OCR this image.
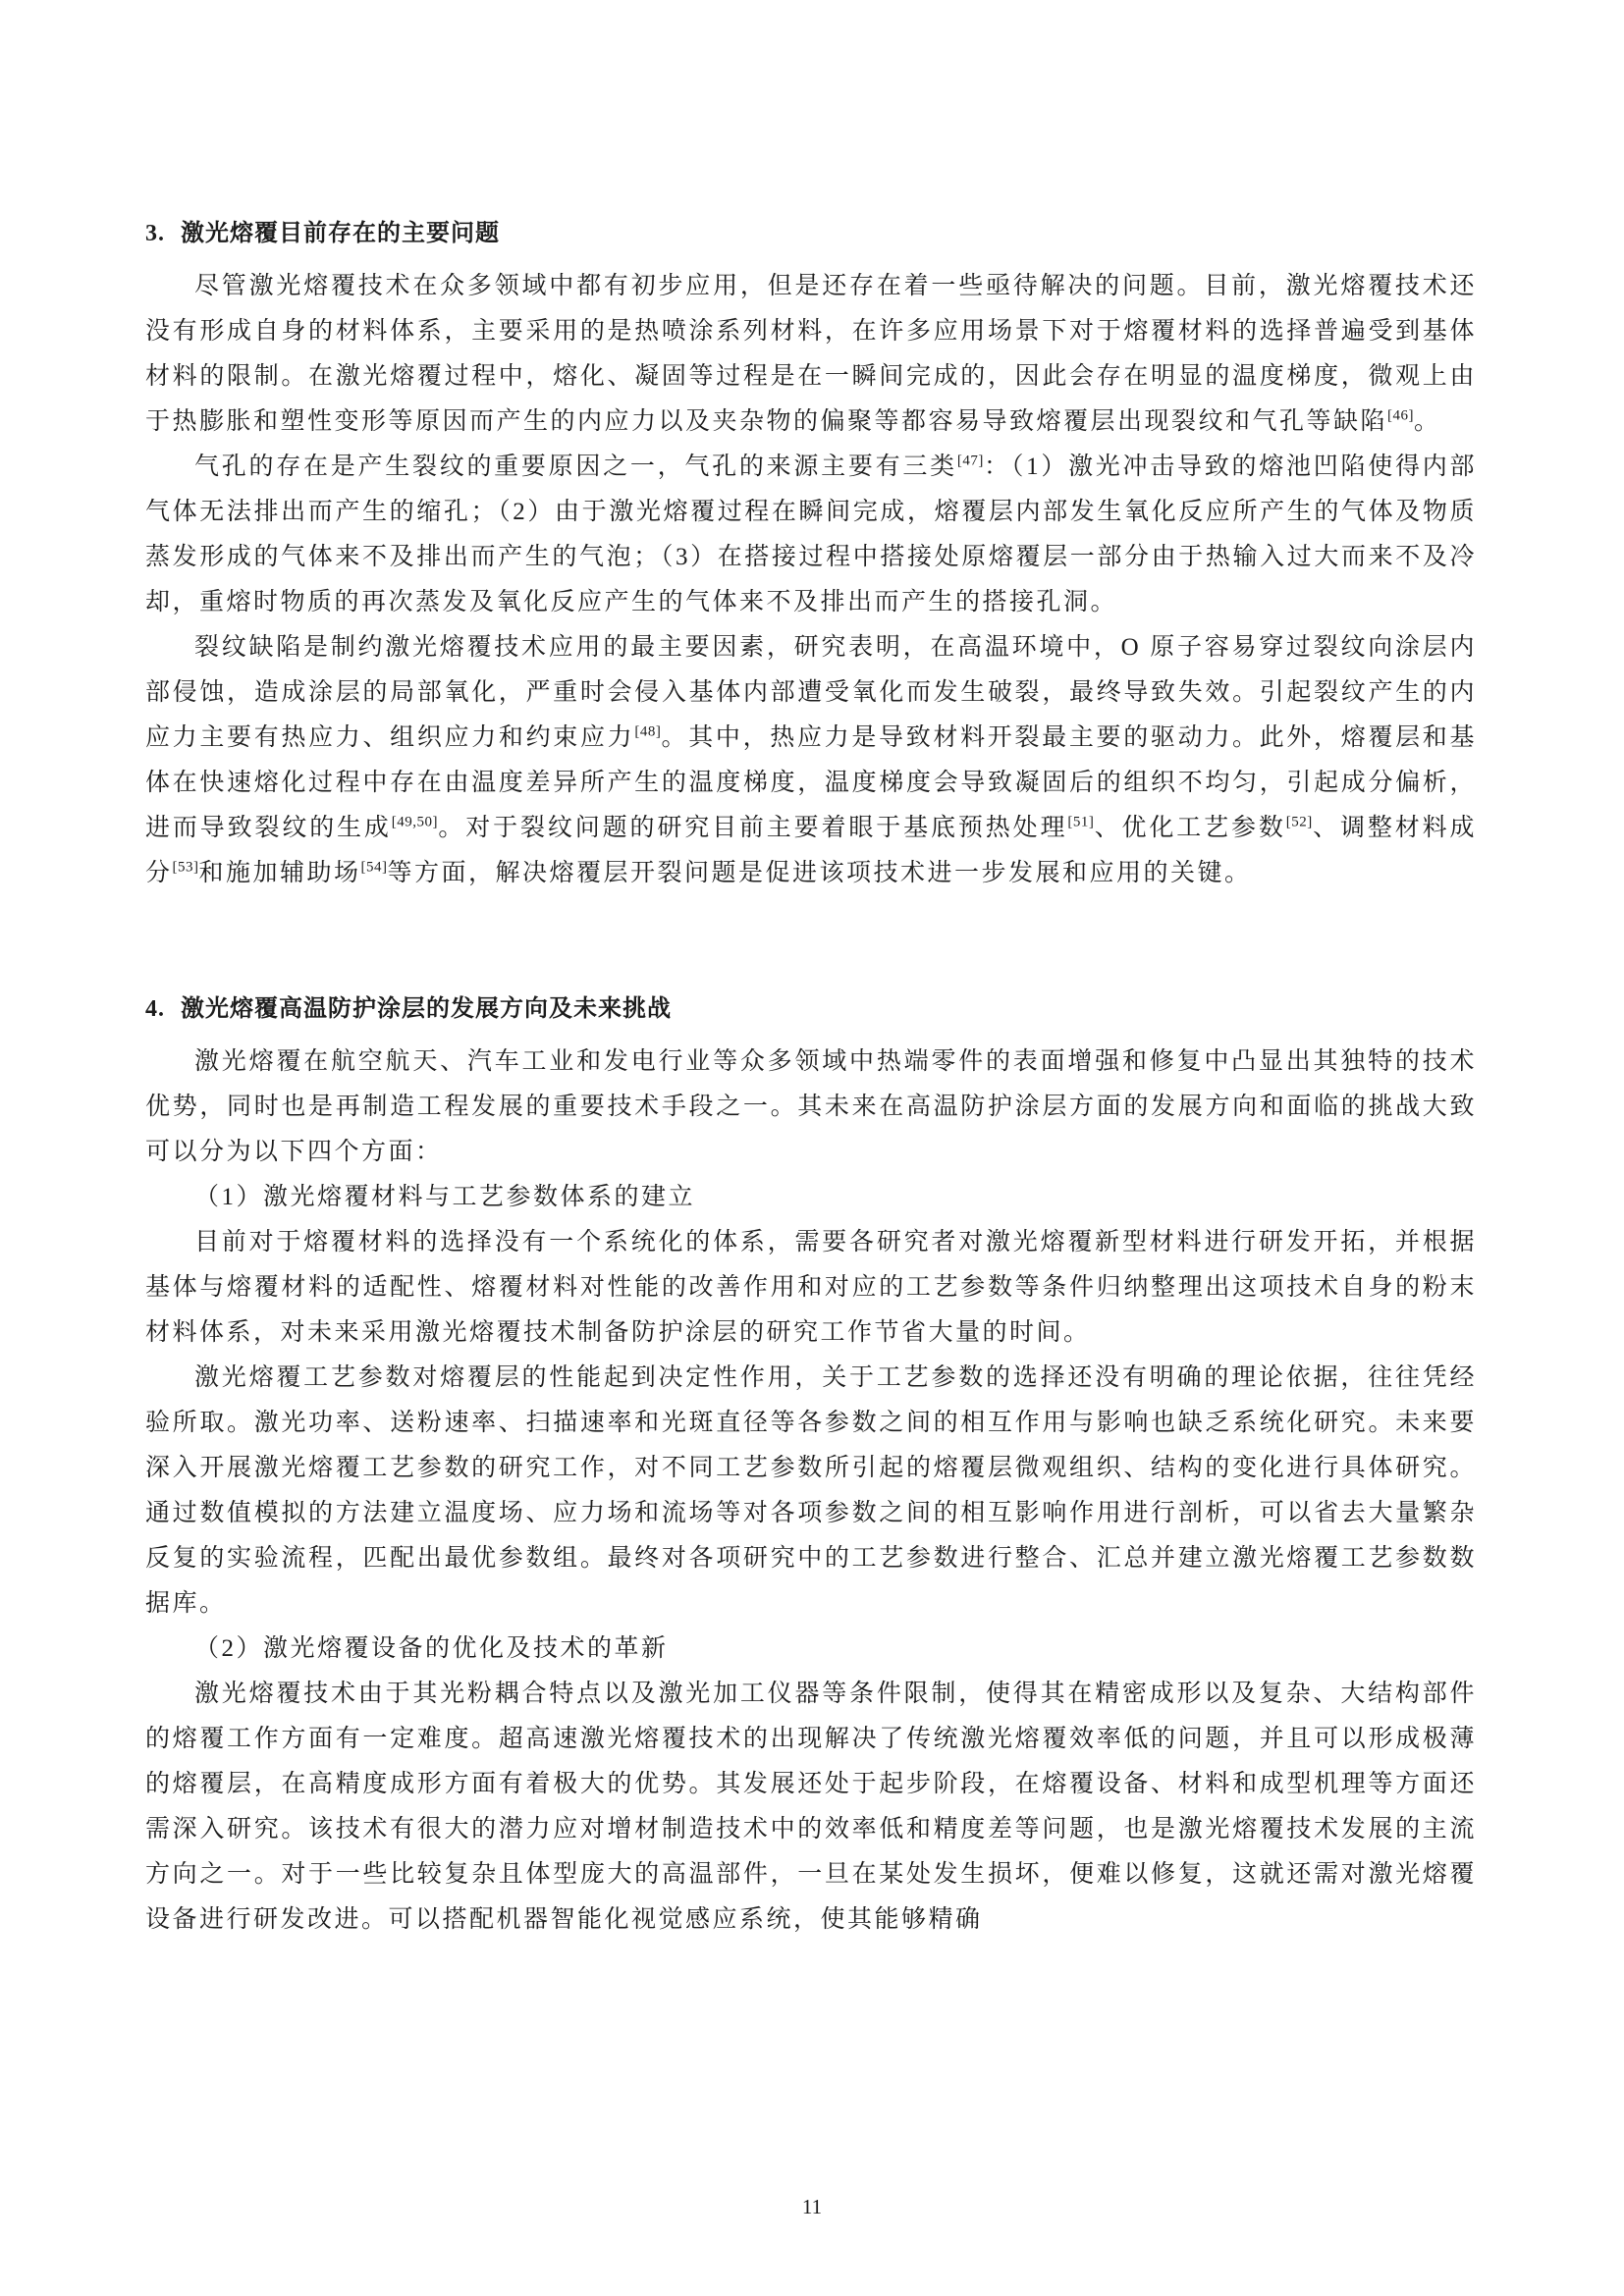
3. 激光熔覆目前存在的主要问题

尽管激光熔覆技术在众多领域中都有初步应用，但是还存在着一些亟待解决的问题。目前，激光熔覆技术还没有形成自身的材料体系，主要采用的是热喷涂系列材料，在许多应用场景下对于熔覆材料的选择普遍受到基体材料的限制。在激光熔覆过程中，熔化、凝固等过程是在一瞬间完成的，因此会存在明显的温度梯度，微观上由于热膨胀和塑性变形等原因而产生的内应力以及夹杂物的偏聚等都容易导致熔覆层出现裂纹和气孔等缺陷[46]。

气孔的存在是产生裂纹的重要原因之一，气孔的来源主要有三类[47]：（1）激光冲击导致的熔池凹陷使得内部气体无法排出而产生的缩孔；（2）由于激光熔覆过程在瞬间完成，熔覆层内部发生氧化反应所产生的气体及物质蒸发形成的气体来不及排出而产生的气泡；（3）在搭接过程中搭接处原熔覆层一部分由于热输入过大而来不及冷却，重熔时物质的再次蒸发及氧化反应产生的气体来不及排出而产生的搭接孔洞。

裂纹缺陷是制约激光熔覆技术应用的最主要因素，研究表明，在高温环境中，O 原子容易穿过裂纹向涂层内部侵蚀，造成涂层的局部氧化，严重时会侵入基体内部遭受氧化而发生破裂，最终导致失效。引起裂纹产生的内应力主要有热应力、组织应力和约束应力[48]。其中，热应力是导致材料开裂最主要的驱动力。此外，熔覆层和基体在快速熔化过程中存在由温度差异所产生的温度梯度，温度梯度会导致凝固后的组织不均匀，引起成分偏析，进而导致裂纹的生成[49,50]。对于裂纹问题的研究目前主要着眼于基底预热处理[51]、优化工艺参数[52]、调整材料成分[53]和施加辅助场[54]等方面，解决熔覆层开裂问题是促进该项技术进一步发展和应用的关键。

4. 激光熔覆高温防护涂层的发展方向及未来挑战

激光熔覆在航空航天、汽车工业和发电行业等众多领域中热端零件的表面增强和修复中凸显出其独特的技术优势，同时也是再制造工程发展的重要技术手段之一。其未来在高温防护涂层方面的发展方向和面临的挑战大致可以分为以下四个方面：

（1）激光熔覆材料与工艺参数体系的建立

目前对于熔覆材料的选择没有一个系统化的体系，需要各研究者对激光熔覆新型材料进行研发开拓，并根据基体与熔覆材料的适配性、熔覆材料对性能的改善作用和对应的工艺参数等条件归纳整理出这项技术自身的粉末材料体系，对未来采用激光熔覆技术制备防护涂层的研究工作节省大量的时间。

激光熔覆工艺参数对熔覆层的性能起到决定性作用，关于工艺参数的选择还没有明确的理论依据，往往凭经验所取。激光功率、送粉速率、扫描速率和光斑直径等各参数之间的相互作用与影响也缺乏系统化研究。未来要深入开展激光熔覆工艺参数的研究工作，对不同工艺参数所引起的熔覆层微观组织、结构的变化进行具体研究。通过数值模拟的方法建立温度场、应力场和流场等对各项参数之间的相互影响作用进行剖析，可以省去大量繁杂反复的实验流程，匹配出最优参数组。最终对各项研究中的工艺参数进行整合、汇总并建立激光熔覆工艺参数数据库。

（2）激光熔覆设备的优化及技术的革新

激光熔覆技术由于其光粉耦合特点以及激光加工仪器等条件限制，使得其在精密成形以及复杂、大结构部件的熔覆工作方面有一定难度。超高速激光熔覆技术的出现解决了传统激光熔覆效率低的问题，并且可以形成极薄的熔覆层，在高精度成形方面有着极大的优势。其发展还处于起步阶段，在熔覆设备、材料和成型机理等方面还需深入研究。该技术有很大的潜力应对增材制造技术中的效率低和精度差等问题，也是激光熔覆技术发展的主流方向之一。对于一些比较复杂且体型庞大的高温部件，一旦在某处发生损坏，便难以修复，这就还需对激光熔覆设备进行研发改进。可以搭配机器智能化视觉感应系统，使其能够精确

11
